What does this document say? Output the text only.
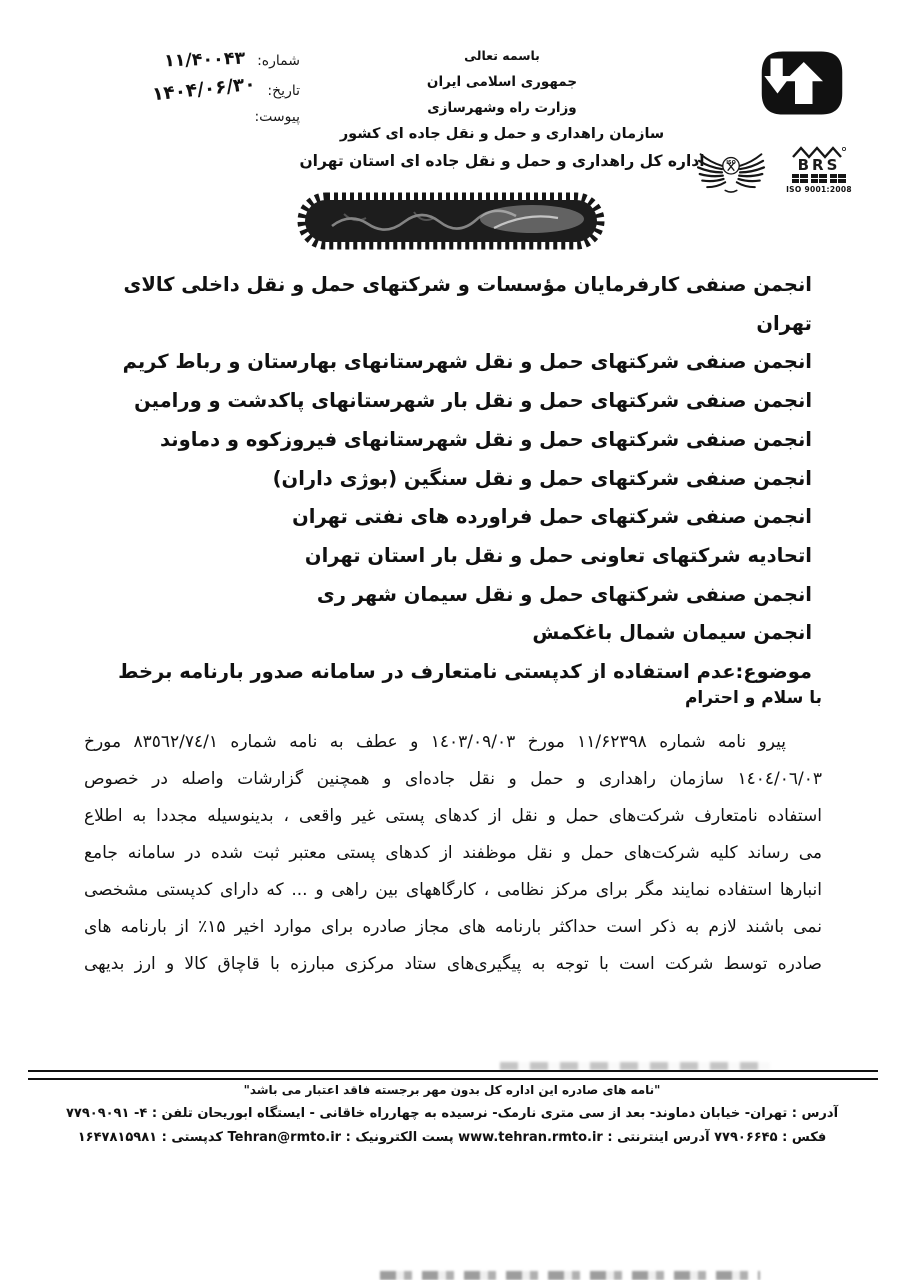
شماره:
۱۱/۴۰۰۴۳
تاریخ:
۱۴۰۴/۰۶/۳۰
پیوست:
باسمه تعالی
جمهوری اسلامی ایران
وزارت راه وشهرسازی
سازمان راهداری و حمل و نقل جاده ای کشور
اداره کل راهداری و حمل و نقل جاده ای استان تهران	ISO	BRS
ISO 9001:2008
انجمن صنفی کارفرمایان مؤسسات و شرکتهای حمل و نقل داخلی کالای تهران
انجمن صنفی شرکتهای حمل و نقل شهرستانهای بهارستان و رباط کریم
انجمن صنفی شرکتهای حمل و نقل بار شهرستانهای پاکدشت و ورامین
انجمن صنفی شرکتهای حمل و نقل شهرستانهای فیروزکوه و دماوند
انجمن صنفی شرکتهای حمل و نقل سنگین (بوژی داران)
انجمن صنفی شرکتهای حمل فراورده های نفتی تهران
اتحادیه شرکتهای تعاونی حمل و نقل بار استان تهران
انجمن صنفی شرکتهای حمل و نقل سیمان شهر ری
انجمن سیمان شمال باغکمش
موضوع:عدم استفاده از کدپستی نامتعارف در سامانه صدور بارنامه برخط
با سلام و احترام
پیرو نامه شماره ۱۱/۶۲۳۹۸ مورخ ١٤٠٣/٠٩/٠٣ و عطف به نامه شماره ٨٣٥٦٢/٧٤/١ مورخ
١٤٠٤/٠٦/٠٣ سازمان راهداری و حمل و نقل جاده‌ای و همچنین گزارشات واصله در خصوص
استفاده نامتعارف شرکت‌های حمل و نقل از کدهای پستی غیر واقعی ، بدینوسیله مجددا به اطلاع
می رساند کلیه شرکت‌های حمل و نقل موظفند از کدهای پستی معتبر ثبت شده در سامانه جامع
انبارها استفاده نمایند مگر برای مرکز نظامی ، کارگاههای بین راهی و ... که دارای کدپستی مشخصی
نمی باشند لازم به ذکر است حداکثر بارنامه های مجاز صادره برای موارد اخیر ۱۵٪ از بارنامه های
صادره توسط شرکت است با توجه به پیگیری‌های ستاد مرکزی مبارزه با قاچاق کالا و ارز بدیهی
"نامه های صادره این اداره کل بدون مهر برجسته فاقد اعتبار می باشد"
آدرس : تهران- خیابان دماوند- بعد از سی متری نارمک- نرسیده به چهارراه خاقانی - ایستگاه ابوریحان تلفن : ۴- ۷۷۹۰۹۰۹۱
فکس : ۷۷۹۰۶۶۴۵ آدرس اینترنتی : www.tehran.rmto.ir پست الکترونیک : Tehran@rmto.ir کدپستی : ۱۶۴۷۸۱۵۹۸۱
